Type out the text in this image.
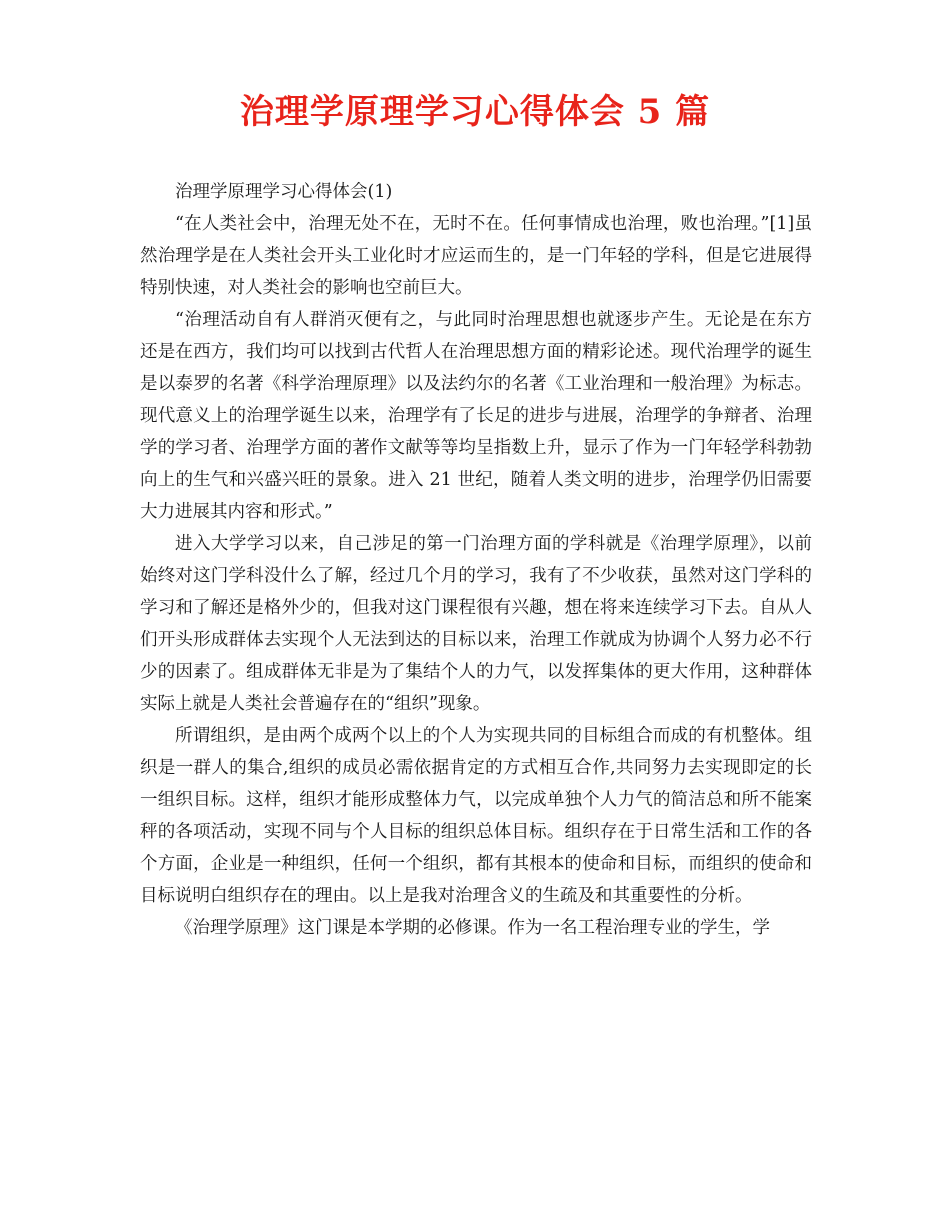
治理学原理学习心得体会 5 篇

治理学原理学习心得体会(1)

“在人类社会中，治理无处不在，无时不在。任何事情成也治理，败也治理。”[1]虽然治理学是在人类社会开头工业化时才应运而生的，是一门年轻的学科，但是它进展得特别快速，对人类社会的影响也空前巨大。

“治理活动自有人群消灭便有之，与此同时治理思想也就逐步产生。无论是在东方还是在西方，我们均可以找到古代哲人在治理思想方面的精彩论述。现代治理学的诞生是以泰罗的名著《科学治理原理》以及法约尔的名著《工业治理和一般治理》为标志。现代意义上的治理学诞生以来，治理学有了长足的进步与进展，治理学的争辩者、治理学的学习者、治理学方面的著作文献等等均呈指数上升，显示了作为一门年轻学科勃勃向上的生气和兴盛兴旺的景象。进入 21 世纪，随着人类文明的进步，治理学仍旧需要大力进展其内容和形式。”

进入大学学习以来，自己涉足的第一门治理方面的学科就是《治理学原理》，以前始终对这门学科没什么了解，经过几个月的学习，我有了不少收获，虽然对这门学科的学习和了解还是格外少的，但我对这门课程很有兴趣，想在将来连续学习下去。自从人们开头形成群体去实现个人无法到达的目标以来，治理工作就成为协调个人努力必不行少的因素了。组成群体无非是为了集结个人的力气，以发挥集体的更大作用，这种群体实际上就是人类社会普遍存在的“组织”现象。

所谓组织，是由两个成两个以上的个人为实现共同的目标组合而成的有机整体。组织是一群人的集合,组织的成员必需依据肯定的方式相互合作,共同努力去实现即定的长一组织目标。这样，组织才能形成整体力气，以完成单独个人力气的简洁总和所不能案秤的各项活动，实现不同与个人目标的组织总体目标。组织存在于日常生活和工作的各个方面，企业是一种组织，任何一个组织，都有其根本的使命和目标，而组织的使命和目标说明白组织存在的理由。以上是我对治理含义的生疏及和其重要性的分析。

《治理学原理》这门课是本学期的必修课。作为一名工程治理专业的学生，学
